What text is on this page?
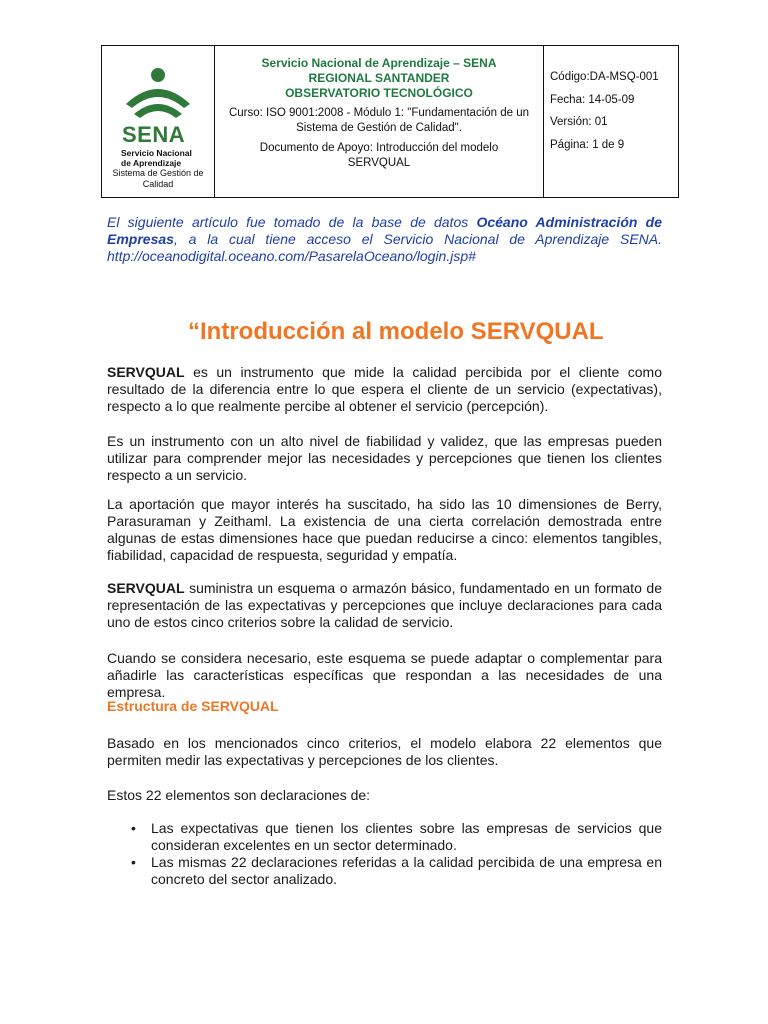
SENA
Servicio Nacional
de Aprendizaje
Sistema de Gestión de Calidad
Servicio Nacional de Aprendizaje – SENA
REGIONAL SANTANDER
OBSERVATORIO TECNOLÓGICO
Curso: ISO 9001:2008 - Módulo 1: "Fundamentación de un Sistema de Gestión de Calidad".
Documento de Apoyo: Introducción del modelo SERVQUAL
Código:DA-MSQ-001
Fecha: 14-05-09
Versión: 01
Página: 1 de 9
El siguiente artículo fue tomado de la base de datos Océano Administración de Empresas, a la cual tiene acceso el Servicio Nacional de Aprendizaje SENA. http://oceanodigital.oceano.com/PasarelaOceano/login.jsp#
“Introducción al modelo SERVQUAL
SERVQUAL es un instrumento que mide la calidad percibida por el cliente como resultado de la diferencia entre lo que espera el cliente de un servicio (expectativas), respecto a lo que realmente percibe al obtener el servicio (percepción).
Es un instrumento con un alto nivel de fiabilidad y validez, que las empresas pueden utilizar para comprender mejor las necesidades y percepciones que tienen los clientes respecto a un servicio.
La aportación que mayor interés ha suscitado, ha sido las 10 dimensiones de Berry, Parasuraman y Zeithaml. La existencia de una cierta correlación demostrada entre algunas de estas dimensiones hace que puedan reducirse a cinco: elementos tangibles, fiabilidad, capacidad de respuesta, seguridad y empatía.
SERVQUAL suministra un esquema o armazón básico, fundamentado en un formato de representación de las expectativas y percepciones que incluye declaraciones para cada uno de estos cinco criterios sobre la calidad de servicio.
Cuando se considera necesario, este esquema se puede adaptar o complementar para añadirle las características específicas que respondan a las necesidades de una empresa.
Estructura de SERVQUAL
Basado en los mencionados cinco criterios, el modelo elabora 22 elementos que permiten medir las expectativas y percepciones de los clientes.
Estos 22 elementos son declaraciones de:
• Las expectativas que tienen los clientes sobre las empresas de servicios que consideran excelentes en un sector determinado.
• Las mismas 22 declaraciones referidas a la calidad percibida de una empresa en concreto del sector analizado.
